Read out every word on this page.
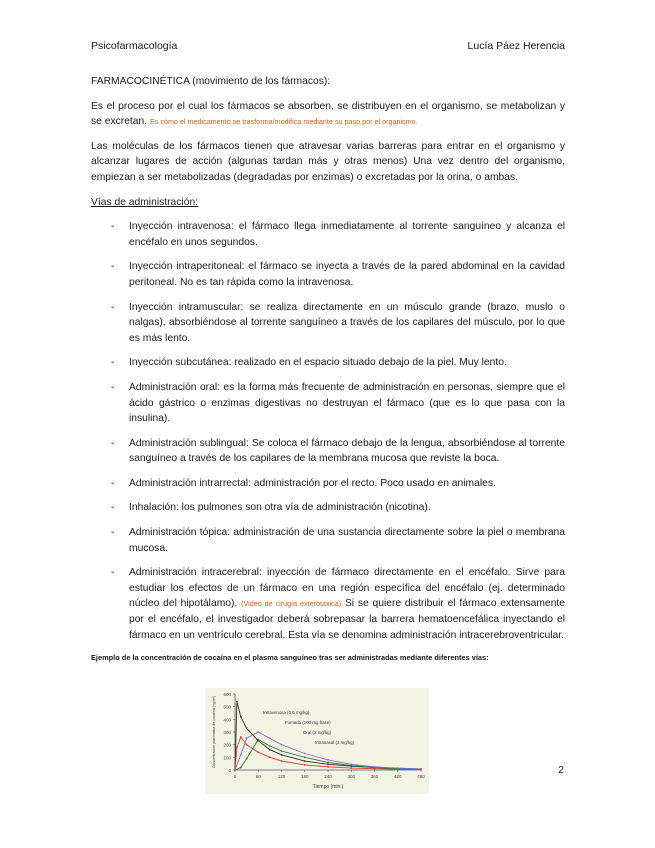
Psicofarmacología	Lucía Páez Herencia

FARMACOCINÉTICA (movimiento de los fármacos):

Es el proceso por el cual los fármacos se absorben, se distribuyen en el organismo, se metabolizan y se excretan. Es cómo el medicamento se trasforma/modifica mediante su paso por el organismo.

Las moléculas de los fármacos tienen que atravesar varias barreras para entrar en el organismo y alcanzar lugares de acción (algunas tardan más y otras menos) Una vez dentro del organismo, empiezan a ser metabolizadas (degradadas por enzimas) o excretadas por la orina, o ambas.

Vías de administración:

- Inyección intravenosa: el fármaco llega inmediatamente al torrente sanguíneo y alcanza el encéfalo en unos segundos.
- Inyección intraperitoneal: el fármaco se inyecta a través de la pared abdominal en la cavidad peritoneal. No es tan rápida como la intravenosa.
- Inyección intramuscular: se realiza directamente en un músculo grande (brazo, muslo o nalgas), absorbiéndose al torrente sanguíneo a través de los capilares del músculo, por lo que es más lento.
- Inyección subcutánea: realizado en el espacio situado debajo de la piel. Muy lento.
- Administración oral: es la forma más frecuente de administración en personas, siempre que el ácido gástrico o enzimas digestivas no destruyan el fármaco (que es lo que pasa con la insulina).
- Administración sublingual: Se coloca el fármaco debajo de la lengua, absorbiéndose al torrente sanguíneo a través de los capilares de la membrana mucosa que reviste la boca.
- Administración intrarrectal: administración por el recto. Poco usado en animales.
- Inhalación: los pulmones son otra vía de administración (nicotina).
- Administración tópica: administración de una sustancia directamente sobre la piel o membrana mucosa.
- Administración intracerebral: inyección de fármaco directamente en el encéfalo. Sirve para estudiar los efectos de un fármaco en una región específica del encéfalo (ej. determinado núcleo del hipotálamo). (Video de cirugía exterotaxica) Si se quiere distribuir el fármaco extensamente por el encéfalo, el investigador deberá sobrepasar la barrera hematoencefálica inyectando el fármaco en un ventrículo cerebral. Esta vía se denomina administración intracerebroventricular.

Ejemplo de la concentración de cocaína en el plasma sanguíneo tras ser administradas mediante diferentes vías:

0
100
200
300
400
500
600
0	60	120	180	240	300	360	420	480
Tiempo (min.)
Concentración plasmática de cocaína (ng/ml)	Intravenosa (0,6 mg/kg)
Fumada (100 mg base)
Oral (2 mg/kg)
Intranasal (2 mg/kg)
2
